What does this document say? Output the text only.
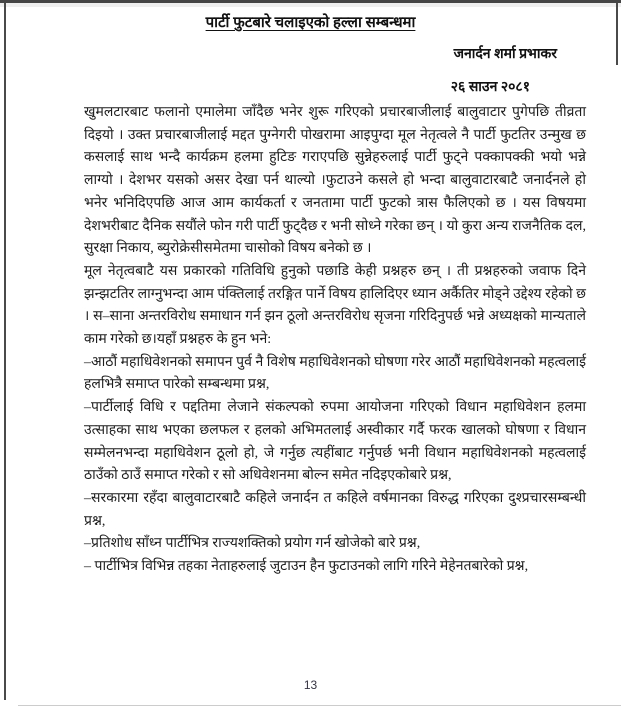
पार्टी फुटबारे चलाइएको हल्ला सम्बन्धमा
जनार्दन शर्मा प्रभाकर
२६ साउन २०८१

खुमलटारबाट फलानो एमालेमा जाँदैछ भनेर शुरू गरिएको प्रचारबाजीलाई बालुवाटार पुगेपछि तीव्रता दिइयो । उक्त प्रचारबाजीलाई मद्दत पुग्नेगरी पोखरामा आइपुग्दा मूल नेतृत्वले नै पार्टी फुटतिर उन्मुख छ कसलाई साथ भन्दै कार्यक्रम हलमा हुटिङ गराएपछि सुन्नेहरुलाई पार्टी फुट्ने पक्कापक्की भयो भन्ने लाग्यो । देशभर यसको असर देखा पर्न थाल्यो ।फुटाउने कसले हो भन्दा बालुवाटारबाटै जनार्दनले हो भनेर भनिदिएपछि आज आम कार्यकर्ता र जनतामा पार्टी फुटको त्रास फैलिएको छ । यस विषयमा देशभरीबाट दैनिक सयौंले फोन गरी पार्टी फुट्दैछ र भनी सोध्ने गरेका छन् । यो कुरा अन्य राजनैतिक दल, सुरक्षा निकाय, ब्युरोक्रेसीसमेतमा चासोको विषय बनेको छ ।

मूल नेतृत्वबाटै यस प्रकारको गतिविधि हुनुको पछाडि केही प्रश्नहरु छन् । ती प्रश्नहरुको जवाफ दिने झन्झटतिर लाग्नुभन्दा आम पंक्तिलाई तरङ्गित पार्ने विषय हालिदिएर ध्यान अर्कैतिर मोड्ने उद्देश्य रहेको छ । स–साना अन्तरविरोध समाधान गर्न झन ठूलो अन्तरविरोध सृजना गरिदिनुपर्छ भन्ने अध्यक्षको मान्यताले काम गरेको छ।यहाँ प्रश्नहरु के हुन भने:

–आठौं महाधिवेशनको समापन पुर्व नै विशेष महाधिवेशनको घोषणा गरेर आठौं महाधिवेशनको महत्वलाई हलभित्रै समाप्त पारेको सम्बन्धमा प्रश्न,

–पार्टीलाई विधि र पद्दतिमा लेजाने संकल्पको रुपमा आयोजना गरिएको विधान महाधिवेशन हलमा उत्साहका साथ भएका छलफल र हलको अभिमतलाई अस्वीकार गर्दै फरक खालको घोषणा र विधान सम्मेलनभन्दा महाधिवेशन ठूलो हो, जे गर्नुछ त्यहींबाट गर्नुपर्छ भनी विधान महाधिवेशनको महत्वलाई ठाउँको ठाउँ समाप्त गरेको र सो अधिवेशनमा बोल्न समेत नदिइएकोबारे प्रश्न,

–सरकारमा रहँदा बालुवाटारबाटै कहिले जनार्दन त कहिले वर्षमानका विरुद्ध गरिएका दुश्प्रचारसम्बन्धी प्रश्न,

–प्रतिशोध साँध्न पार्टीभित्र राज्यशक्तिको प्रयोग गर्न खोजेको बारे प्रश्न,

– पार्टीभित्र विभिन्न तहका नेताहरुलाई जुटाउन हैन फुटाउनको लागि गरिने मेहेनतबारेको प्रश्न,

13
